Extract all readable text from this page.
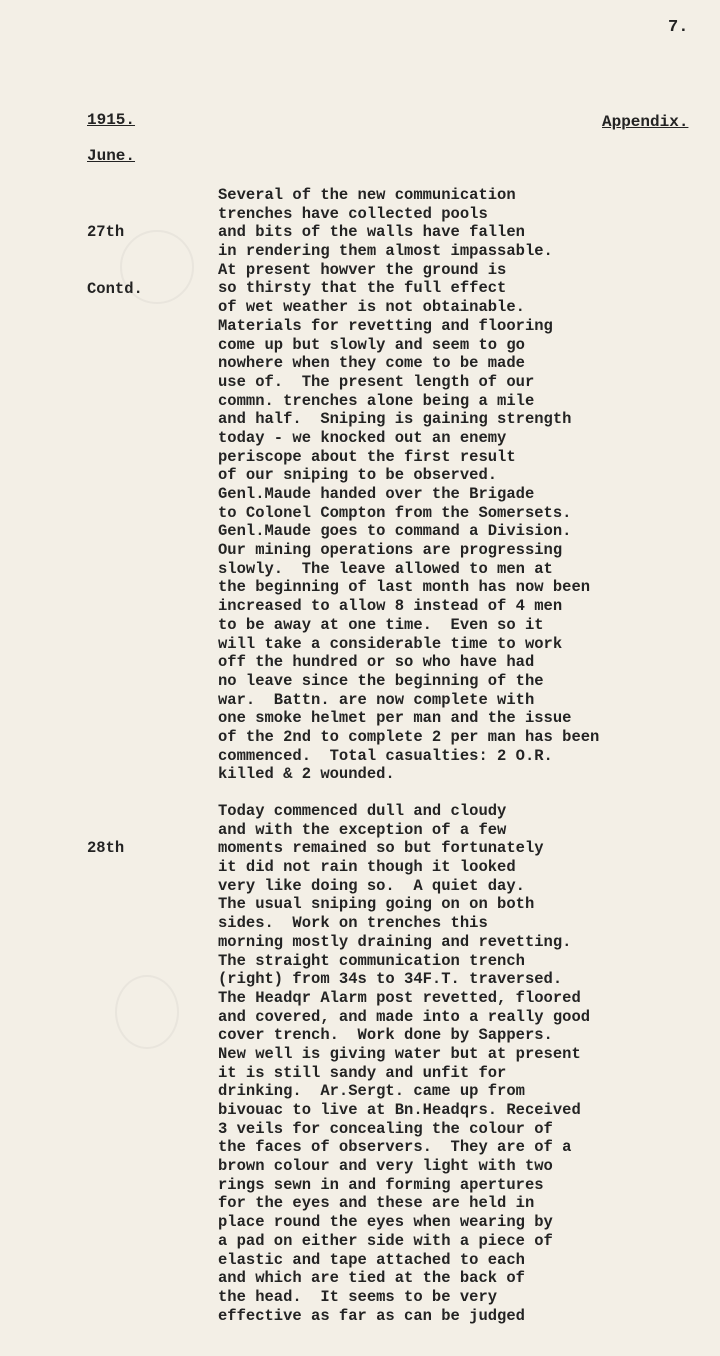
7.
1915.	Appendix.
June.

27th

Contd.

Several of the new communication
trenches have collected pools
and bits of the walls have fallen
in rendering them almost impassable.
At present howver the ground is
so thirsty that the full effect
of wet weather is not obtainable.
Materials for revetting and flooring
come up but slowly and seem to go
nowhere when they come to be made
use of.  The present length of our
commn. trenches alone being a mile
and half.  Sniping is gaining strength
today - we knocked out an enemy
periscope about the first result
of our sniping to be observed.
Genl.Maude handed over the Brigade
to Colonel Compton from the Somersets.
Genl.Maude goes to command a Division.
Our mining operations are progressing
slowly.  The leave allowed to men at
the beginning of last month has now been
increased to allow 8 instead of 4 men
to be away at one time.  Even so it
will take a considerable time to work
off the hundred or so who have had
no leave since the beginning of the
war.  Battn. are now complete with
one smoke helmet per man and the issue
of the 2nd to complete 2 per man has been
commenced.  Total casualties: 2 O.R.
killed & 2 wounded.

28th

Today commenced dull and cloudy
and with the exception of a few
moments remained so but fortunately
it did not rain though it looked
very like doing so.  A quiet day.
The usual sniping going on on both
sides.  Work on trenches this
morning mostly draining and revetting.
The straight communication trench
(right) from 34s to 34F.T. traversed.
The Headqr Alarm post revetted, floored
and covered, and made into a really good
cover trench.  Work done by Sappers.
New well is giving water but at present
it is still sandy and unfit for
drinking.  Ar.Sergt. came up from
bivouac to live at Bn.Headqrs. Received
3 veils for concealing the colour of
the faces of observers.  They are of a
brown colour and very light with two
rings sewn in and forming apertures
for the eyes and these are held in
place round the eyes when wearing by
a pad on either side with a piece of
elastic and tape attached to each
and which are tied at the back of
the head.  It seems to be very
effective as far as can be judged
